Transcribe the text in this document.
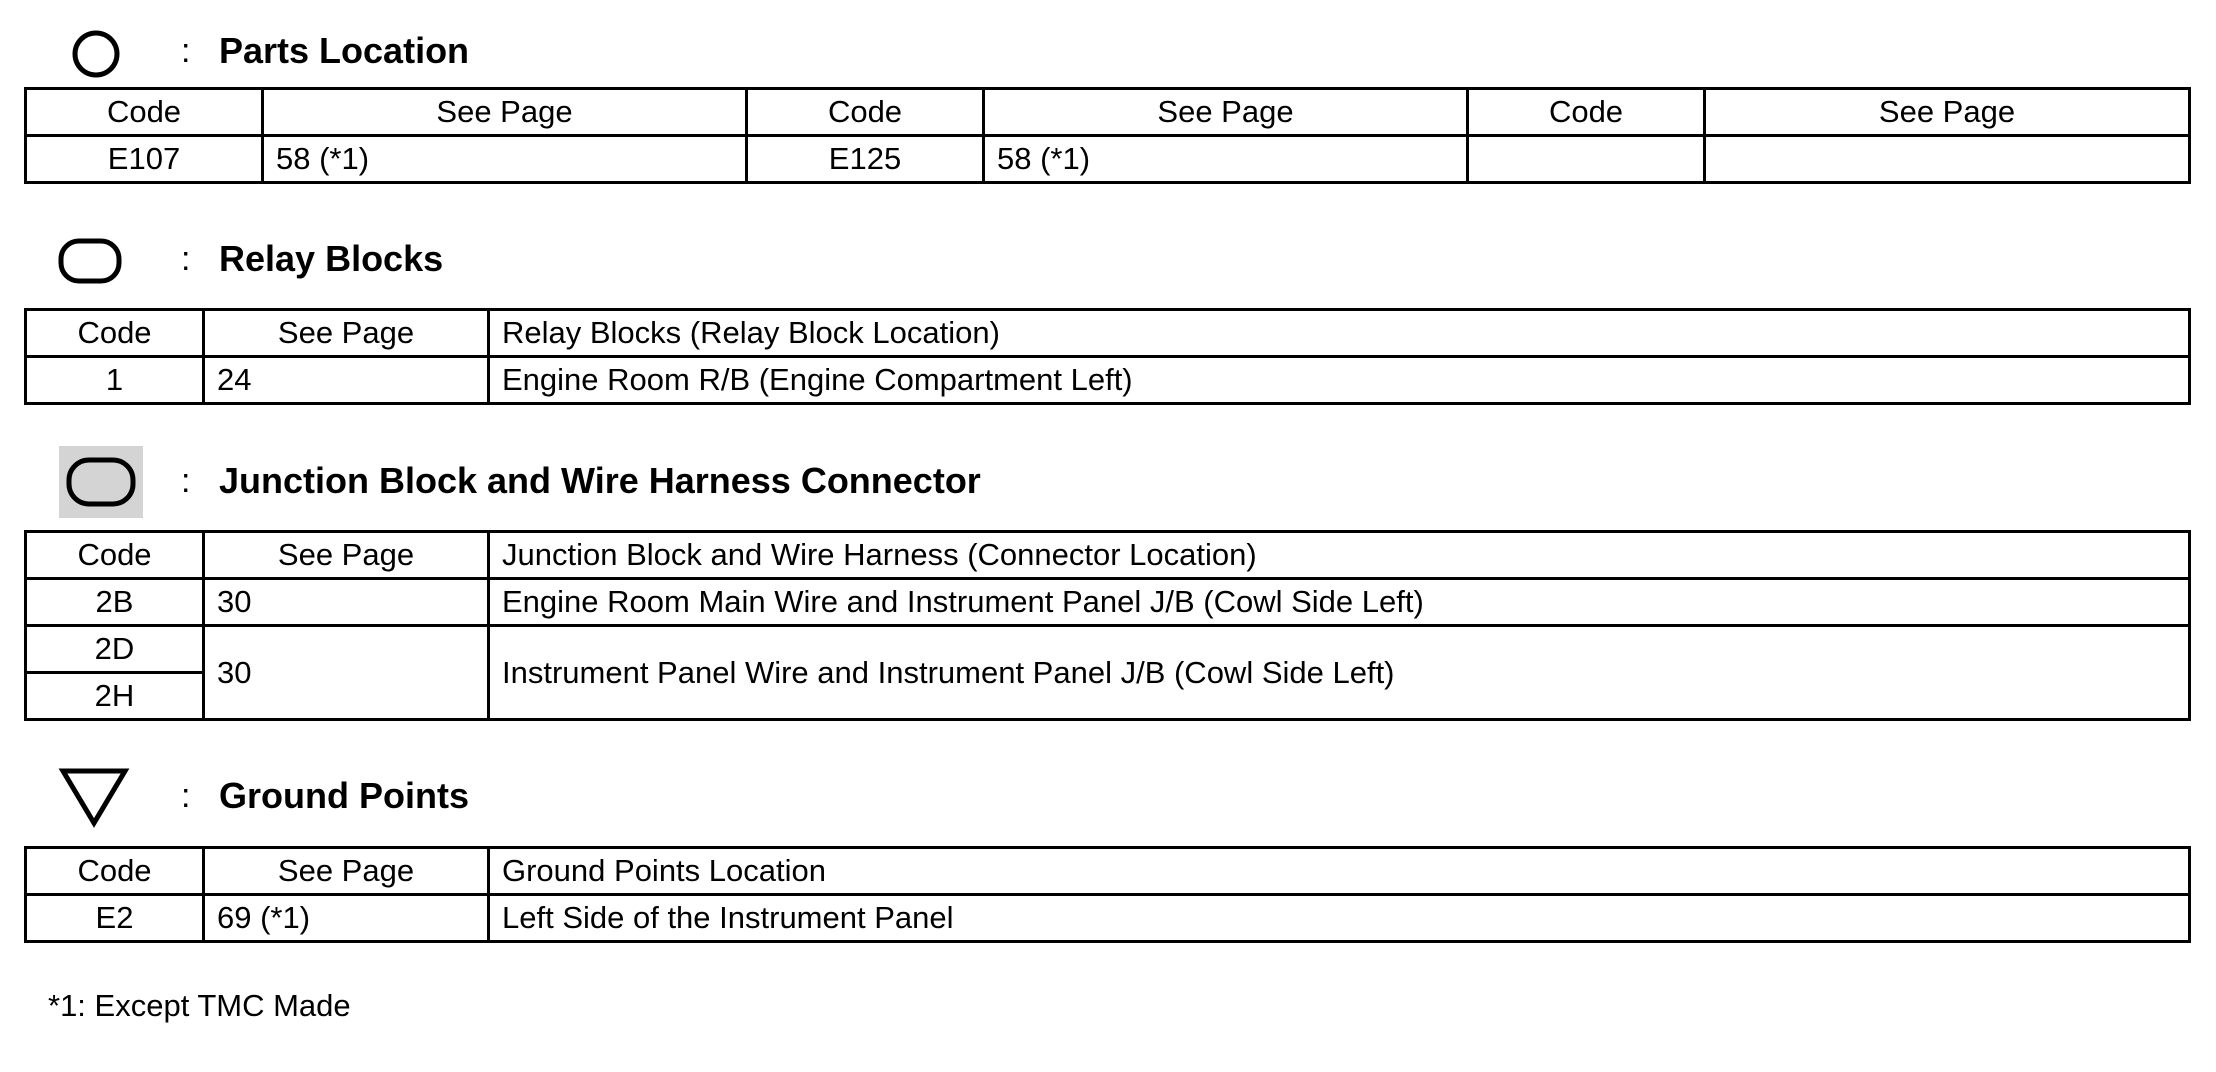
: Parts Location
Code	See Page	Code	See Page	Code	See Page
E107	58 (*1)	E125	58 (*1)		
: Relay Blocks
Code	See Page	Relay Blocks (Relay Block Location)
1	24	Engine Room R/B (Engine Compartment Left)
: Junction Block and Wire Harness Connector
Code	See Page	Junction Block and Wire Harness (Connector Location)
2B	30	Engine Room Main Wire and Instrument Panel J/B (Cowl Side Left)
2D	30	Instrument Panel Wire and Instrument Panel J/B (Cowl Side Left)
2H		
: Ground Points
Code	See Page	Ground Points Location
E2	69 (*1)	Left Side of the Instrument Panel
*1: Except TMC Made
